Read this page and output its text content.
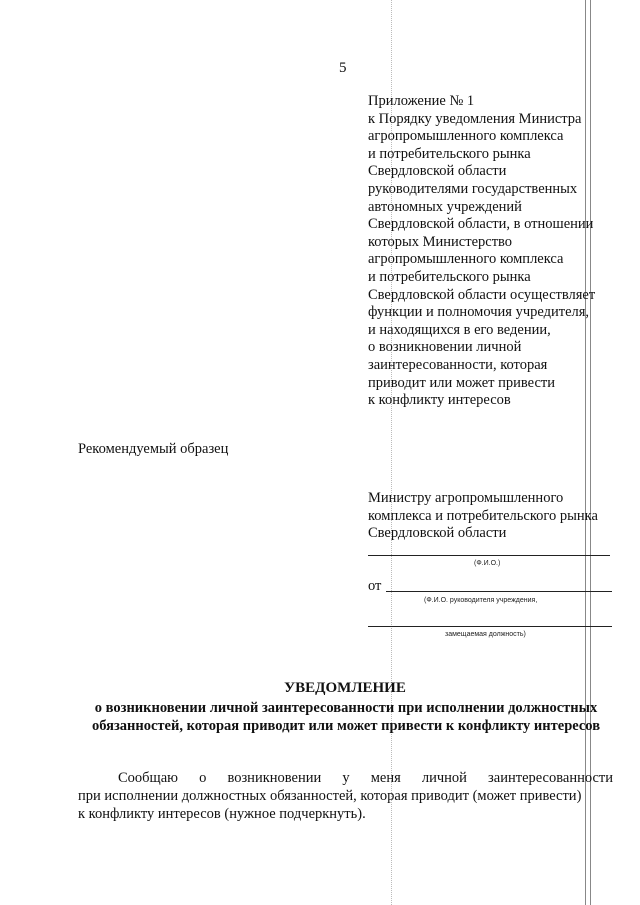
5
Приложение № 1
к Порядку уведомления Министра
агропромышленного комплекса
и потребительского рынка
Свердловской области
руководителями государственных
автономных учреждений
Свердловской области, в отношении
которых Министерство
агропромышленного комплекса
и потребительского рынка
Свердловской области осуществляет
функции и полномочия учредителя,
и находящихся в его ведении,
о возникновении личной
заинтересованности, которая
приводит или может привести
к конфликту интересов
Рекомендуемый образец
Министру агропромышленного
комплекса и потребительского рынка
Свердловской области
(Ф.И.О.)
от
(Ф.И.О. руководителя учреждения,
замещаемая должность)
УВЕДОМЛЕНИЕ
о возникновении личной заинтересованности при исполнении должностных
обязанностей, которая приводит или может привести к конфликту интересов
Сообщаю о возникновении у меня личной заинтересованности
при исполнении должностных обязанностей, которая приводит (может привести)
к конфликту интересов (нужное подчеркнуть).
